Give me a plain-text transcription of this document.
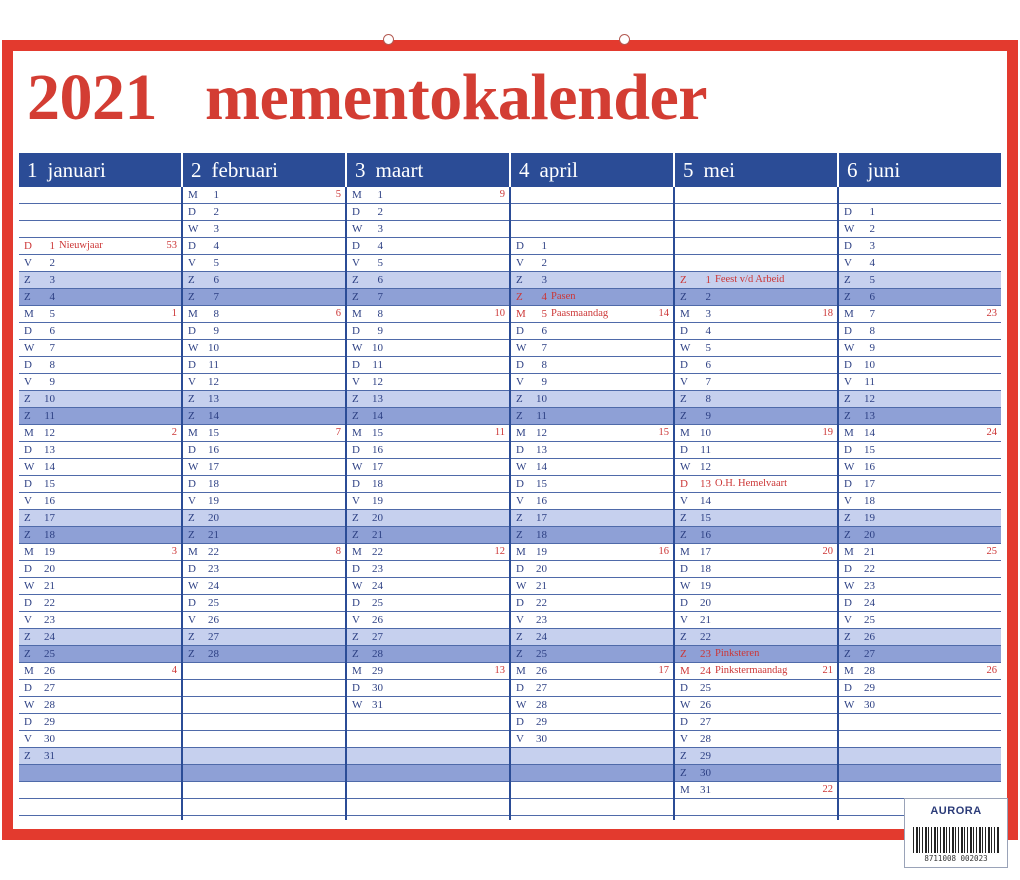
2021   mementokalender
1 januari
D	1 Nieuwjaar	53
V	2
Z	3
Z	4
M	5	1
D	6
W	7
D	8
V	9
Z	10
Z	11
M 12	2
D	13
W 14
D	15
V	16
Z	17
Z	18
M 19	3
D	20
W 21
D	22
V	23
Z	24
Z	25
M 26	4
D	27
W 28
D	29
V	30
Z	31
2 februari
M	1	5
D	2
W	3
D	4
V	5
Z	6
Z	7
M	8	6
D	9
W 10
D	11
V	12
Z	13
Z	14
M 15	7
D	16
W 17
D	18
V	19
Z	20
Z	21
M 22	8
D	23
W 24
D	25
V	26
Z	27
Z	28
3 maart
M	1	9
D	2
W	3
D	4
V	5
Z	6
Z	7
M	8	10
D	9
W 10
D	11
V	12
Z	13
Z	14
M 15	11
D	16
W 17
D	18
V	19
Z	20
Z	21
M 22	12
D	23
W 24
D	25
V	26
Z	27
Z	28
M 29	13
D	30
W 31
4 april
D	1
V	2
Z	3
Z	4 Pasen
M	5 Paasmaandag	14
D	6
W	7
D	8
V	9
Z	10
Z	11
M 12	15
D	13
W 14
D	15
V	16
Z	17
Z	18
M 19	16
D	20
W 21
D	22
V	23
Z	24
Z	25
M 26	17
D	27
W 28
D	29
V	30
5 mei
Z	1 Feest v/d Arbeid
Z	2
M	3	18
D	4
W	5
D	6
V	7
Z	8
Z	9
M 10	19
D	11
W 12
D	13 O.H. Hemelvaart
V	14
Z	15
Z	16
M 17	20
D	18
W 19
D	20
V	21
Z	22
Z	23 Pinksteren
M 24 Pinkstermaandag	21
D	25
W 26
D	27
V	28
Z	29
Z	30
M 31	22
6 juni
D	1
W	2
D	3
V	4
Z	5
Z	6
M	7	23
D	8
W	9
D	10
V	11
Z	12
Z	13
M 14	24
D	15
W 16
D	17
V	18
Z	19
Z	20
M 21	25
D	22
W 23
D	24
V	25
Z	26
Z	27
M 28	26
D	29
W 30
AURORA
8711008 002023
